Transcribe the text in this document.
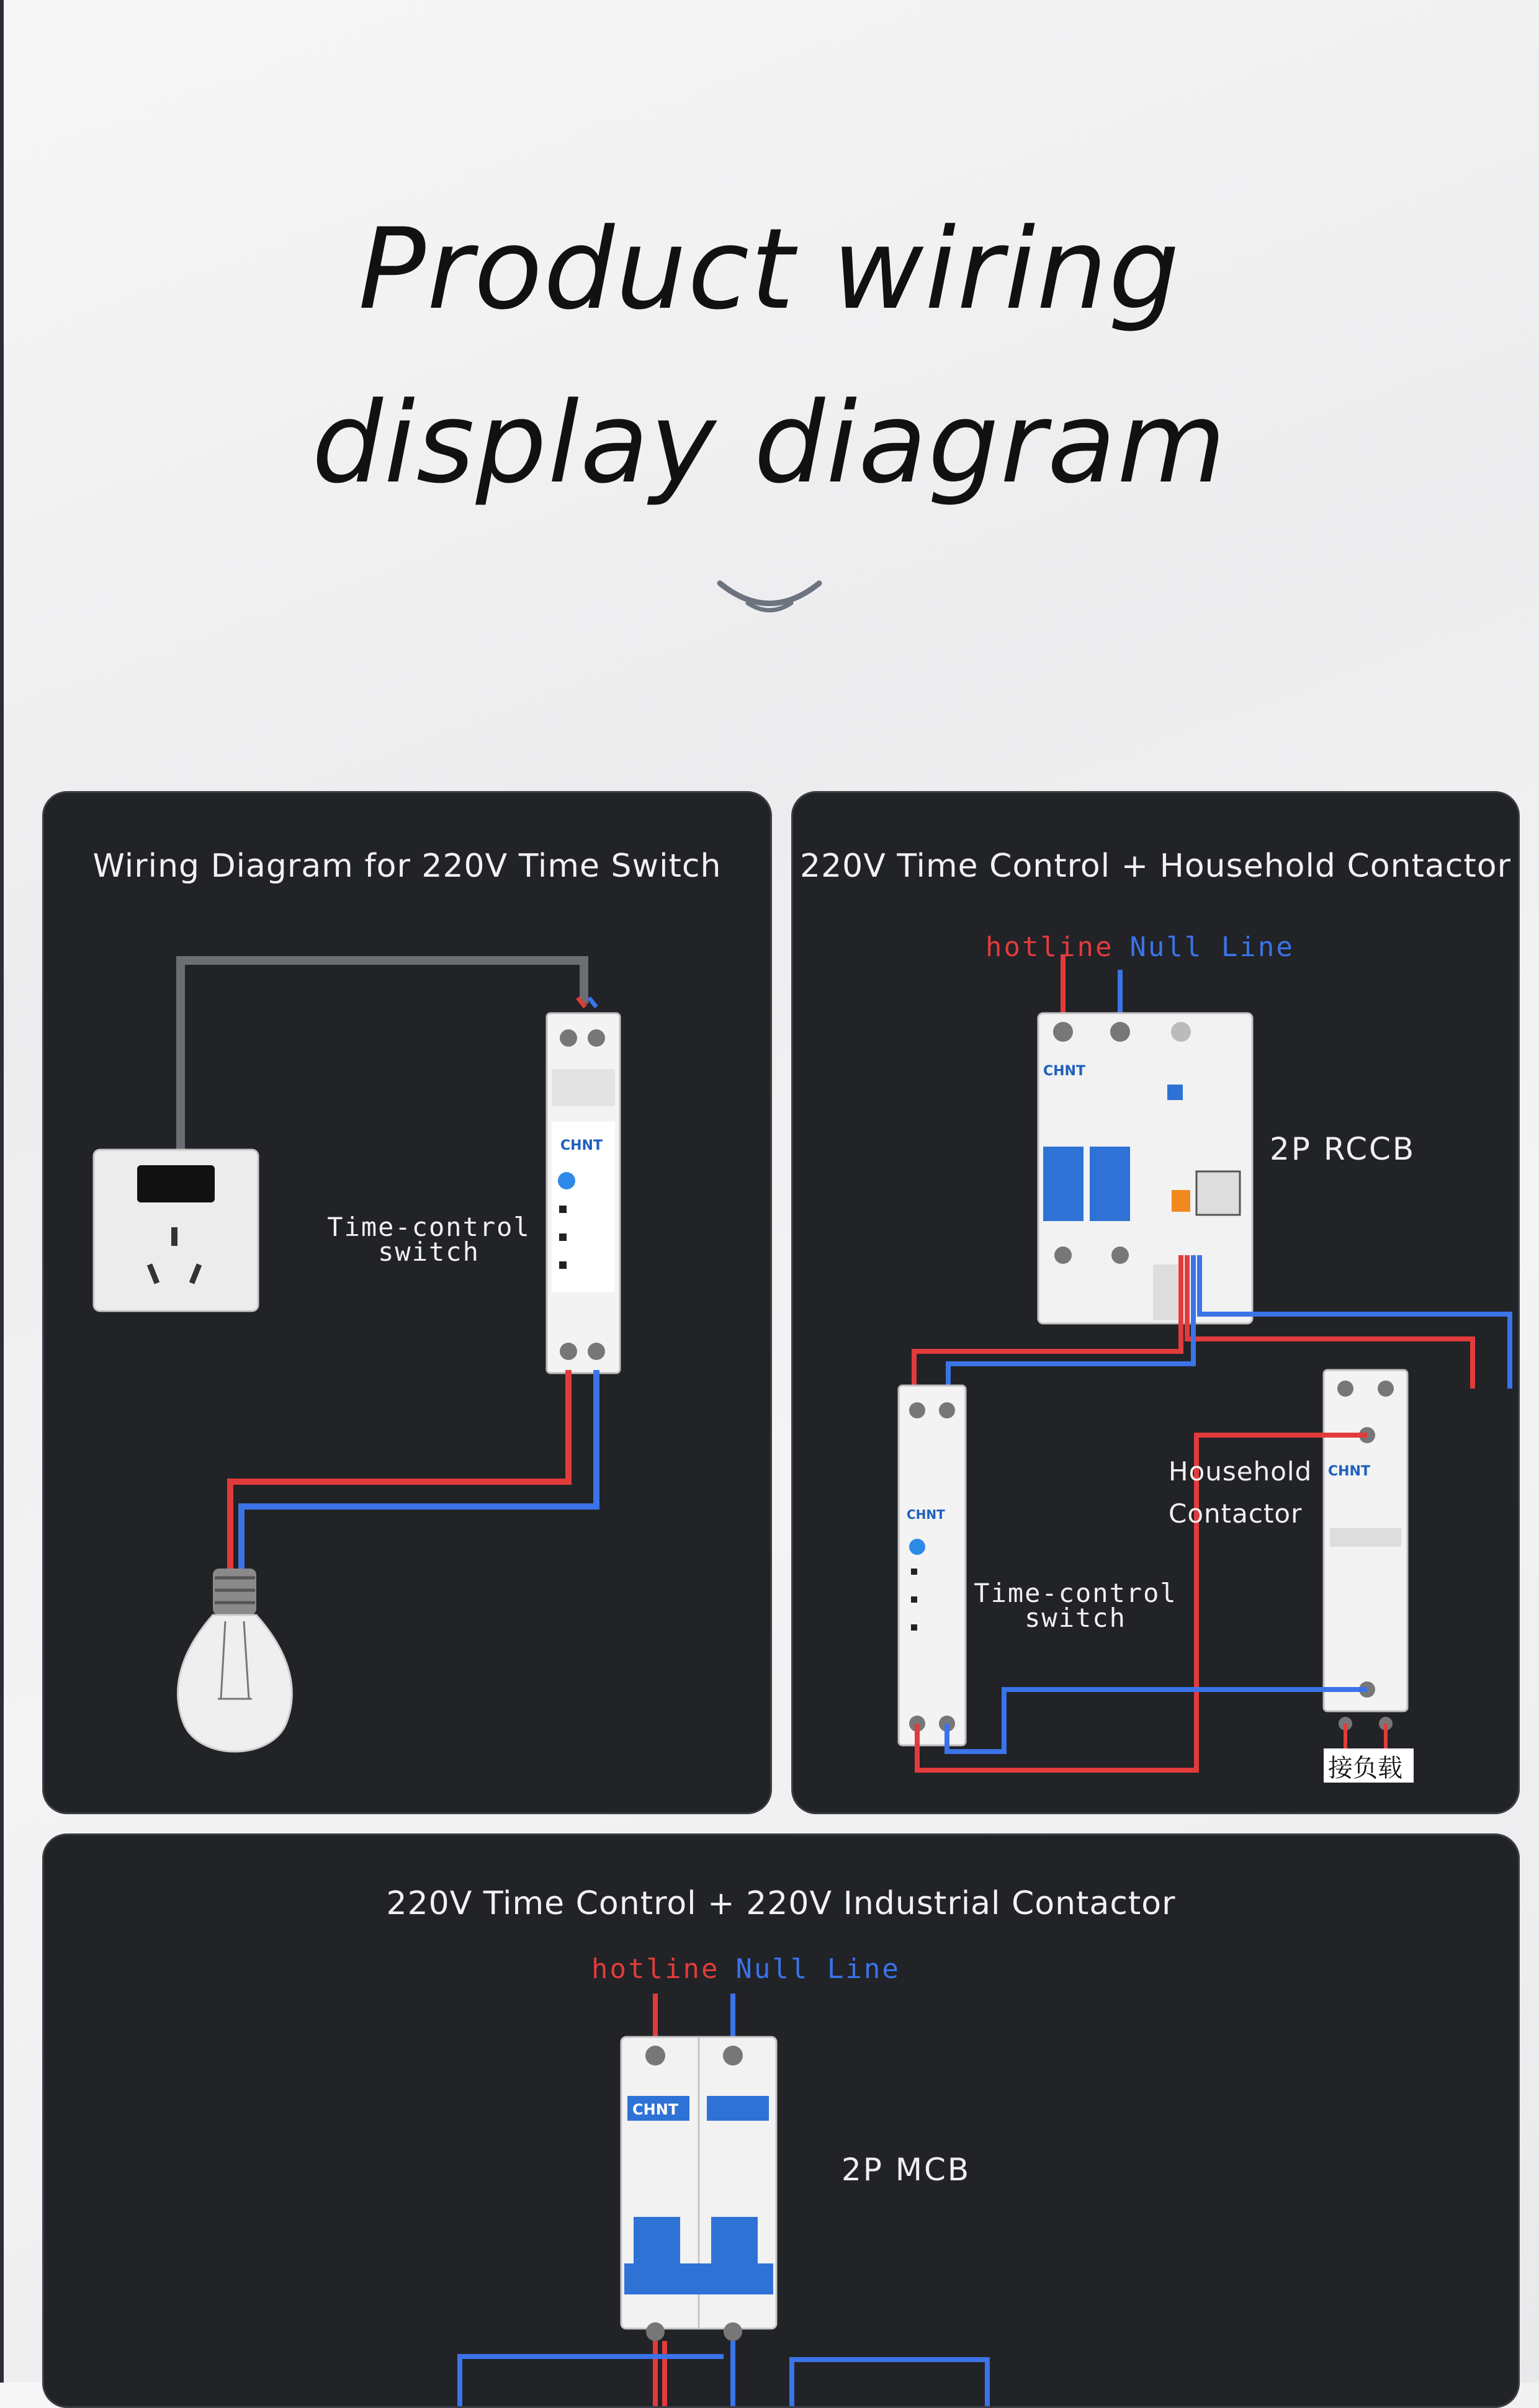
Product wiring
display diagram
Wiring Diagram for 220V Time Switch
CHNT
Time-control
switch
220V Time Control + Household Contactor
hotline Null Line
CHNT
CHNT
CHNT
接负载
2P RCCB
Household
Contactor
Time-control
switch
220V Time Control + 220V Industrial Contactor
hotline Null Line
CHNT
2P MCB
